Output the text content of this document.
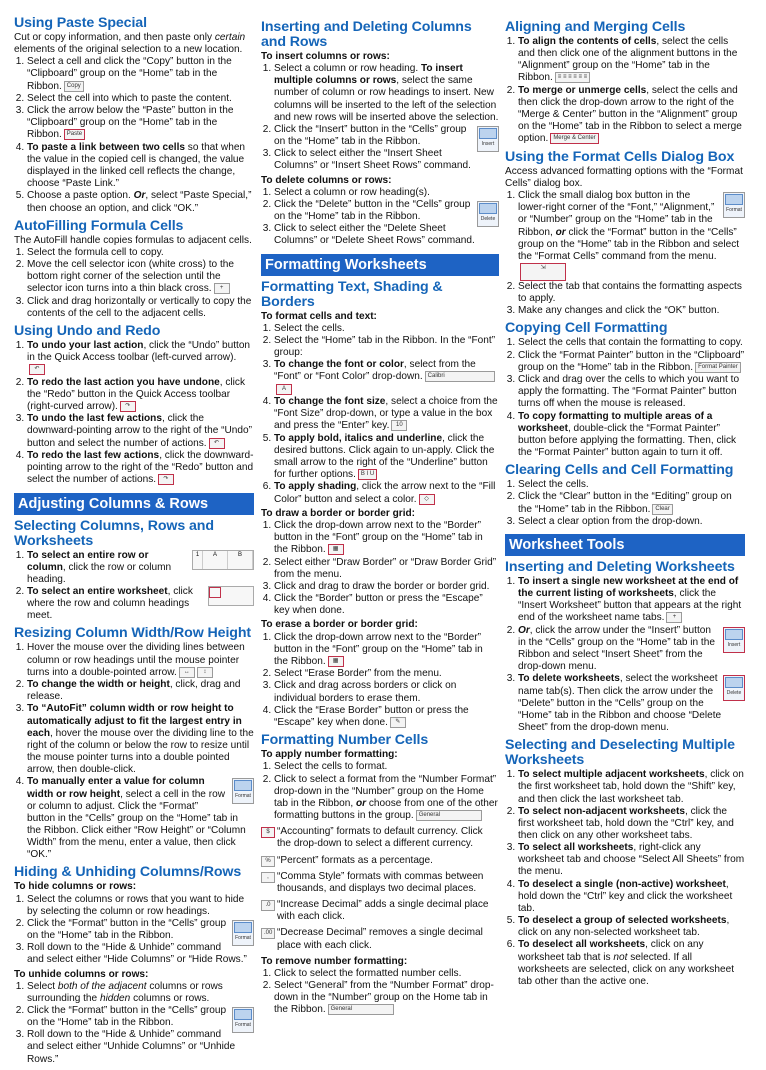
Using Paste Special

Cut or copy information, and then paste only certain elements of the original selection to a new location.

1. Select a cell and click the “Copy” button in the “Clipboard” group on the “Home” tab in the Ribbon. Copy
2. Select the cell into which to paste the content.
3. Click the arrow below the “Paste” button in the “Clipboard” group on the “Home” tab in the Ribbon. Paste
4. To paste a link between two cells so that when the value in the copied cell is changed, the value displayed in the linked cell reflects the change, choose “Paste Link.”
5. Choose a paste option. Or, select “Paste Special,” then choose an option, and click “OK.”
AutoFilling Formula Cells

The AutoFill handle copies formulas to adjacent cells.

1. Select the formula cell to copy.
2. Move the cell selector icon (white cross) to the bottom right corner of the selection until the selector icon turns into a thin black cross. +
3. Click and drag horizontally or vertically to copy the contents of the cell to the adjacent cells.
Using Undo and Redo
1. To undo your last action, click the “Undo” button in the Quick Access toolbar (left-curved arrow).↶
2. To redo the last action you have undone, click the “Redo” button in the Quick Access toolbar (right-curved arrow). ↷
3. To undo the last few actions, click the downward-pointing arrow to the right of the “Undo” button and select the number of actions. ↶
4. To redo the last few actions, click the downward-pointing arrow to the right of the “Redo” button and select the number of actions. ↷
Adjusting Columns & Rows
Selecting Columns, Rows and Worksheets
1. 1	A	B
To select an entire row or column, click the row or column heading.
2. To select an entire worksheet, click where the row and column headings meet.
Resizing Column Width/Row Height
1. Hover the mouse over the dividing lines between column or row headings until the mouse pointer turns into a double-pointed arrow. ↔ ↕
2. To change the width or height, click, drag and release.
3. To “AutoFit” column width or row height to automatically adjust to fit the largest entry in each, hover the mouse over the dividing line to the right of the column or below the row to resize until the mouse pointer turns into a double pointed arrow, then double-click.
4. Format
To manually enter a value for column width or row height, select a cell in the row or column to adjust. Click the “Format” button in the “Cells” group on the “Home” tab in the Ribbon. Click either “Row Height” or “Column Width” from the menu, enter a value, then click “OK.”
Hiding & Unhiding Columns/Rows
To hide columns or rows:
1. Select the columns or rows that you want to hide by selecting the column or row headings.
2. Format
Click the “Format” button in the “Cells” group on the “Home” tab in the Ribbon.
3. Roll down to the “Hide & Unhide” command and select either “Hide Columns” or “Hide Rows.”
To unhide columns or rows:
1. Select both of the adjacent columns or rows surrounding the hidden columns or rows.
2. Format
Click the “Format” button in the “Cells” group on the “Home” tab in the Ribbon.
3. Roll down to the “Hide & Unhide” command and select either “Unhide Columns” or “Unhide Rows.”
Inserting and Deleting Columns and Rows
To insert columns or rows:
1. Select a column or row heading. To insert multiple columns or rows, select the same number of column or row headings to insert. New columns will be inserted to the left of the selection and new rows will be inserted above the selection.
2. Insert
Click the “Insert” button in the “Cells” group on the “Home” tab in the Ribbon.
3. Click to select either the “Insert Sheet Columns” or “Insert Sheet Rows” command.
To delete columns or rows:
1. Select a column or row heading(s).
2. Delete
Click the “Delete” button in the “Cells” group on the “Home” tab in the Ribbon.
3. Click to select either the “Delete Sheet Columns” or “Delete Sheet Rows” command.
Formatting Worksheets
Formatting Text, Shading & Borders
To format cells and text:
1. Select the cells.
2. Select the “Home” tab in the Ribbon. In the “Font” group:
3. To change the font or color, select from the “Font” or “Font Color” drop-down. CalibriA
4. To change the font size, select a choice from the “Font Size” drop-down, or type a value in the box and press the “Enter” key. 10
5. To apply bold, italics and underline, click the desired buttons. Click again to un-apply. Click the small arrow to the right of the “Underline” button for further options. B I U
6. To apply shading, click the arrow next to the “Fill Color” button and select a color. ◇
To draw a border or border grid:
1. Click the drop-down arrow next to the “Border” button in the “Font” group on the “Home” tab in the Ribbon. ▦
2. Select either “Draw Border” or “Draw Border Grid” from the menu.
3. Click and drag to draw the border or border grid.
4. Click the “Border” button or press the “Escape” key when done.
To erase a border or border grid:
1. Click the drop-down arrow next to the “Border” button in the “Font” group on the “Home” tab in the Ribbon. ▦
2. Select “Erase Border” from the menu.
3. Click and drag across borders or click on individual borders to erase them.
4. Click the “Erase Border” button or press the “Escape” key when done. ✎
Formatting Number Cells
To apply number formatting:
1. Select the cells to format.
2. Click to select a format from the “Number Format” drop-down in the “Number” group on the Home tab in the Ribbon, or choose from one of the other formatting buttons in the group. General
$ “Accounting” formats to default currency. Click the drop-down to select a different currency.
% “Percent” formats as a percentage.
, “Comma Style” formats with commas between thousands, and displays two decimal places.
.0 “Increase Decimal” adds a single decimal place with each click.
.00 “Decrease Decimal” removes a single decimal place with each click.
To remove number formatting:
1. Click to select the formatted number cells.
2. Select “General” from the “Number Format” drop-down in the “Number” group on the Home tab in the Ribbon. General
Aligning and Merging Cells
1. To align the contents of cells, select the cells and then click one of the alignment buttons in the “Alignment” group on the “Home” tab in the Ribbon. ≡ ≡ ≡ ≡ ≡ ≡
2. To merge or unmerge cells, select the cells and then click the drop-down arrow to the right of the “Merge & Center” button in the “Alignment” group on the “Home” tab in the Ribbon to select a merge option. Merge & Center
Using the Format Cells Dialog Box

Access advanced formatting options with the “Format Cells” dialog box.

1. Format
Click the small dialog box button in the lower-right corner of the “Font,” “Alignment,” or “Number” group on the “Home” tab in the Ribbon, or click the “Format” button in the “Cells” group on the “Home” tab in the Ribbon and select the “Format Cells” command from the menu.⇲
2. Select the tab that contains the formatting aspects to apply.
3. Make any changes and click the “OK” button.
Copying Cell Formatting
1. Select the cells that contain the formatting to copy.
2. Click the “Format Painter” button in the “Clipboard” group on the “Home” tab in the Ribbon. Format Painter
3. Click and drag over the cells to which you want to apply the formatting. The “Format Painter” button turns off when the mouse is released.
4. To copy formatting to multiple areas of a worksheet, double-click the “Format Painter” button before applying the formatting. Then, click the “Format Painter” button again to turn it off.
Clearing Cells and Cell Formatting
1. Select the cells.
2. Click the “Clear” button in the “Editing” group on the “Home” tab in the Ribbon. Clear
3. Select a clear option from the drop-down.
Worksheet Tools
Inserting and Deleting Worksheets
1. To insert a single new worksheet at the end of the current listing of worksheets, click the “Insert Worksheet” button that appears at the right end of the worksheet name tabs. +
2. Insert
Or, click the arrow under the “Insert” button in the “Cells” group on the “Home” tab in the Ribbon and select “Insert Sheet” from the drop-down menu.
3. Delete
To delete worksheets, select the worksheet name tab(s). Then click the arrow under the “Delete” button in the “Cells” group on the “Home” tab in the Ribbon and choose “Delete Sheet” from the drop-down menu.
Selecting and Deselecting Multiple Worksheets
1. To select multiple adjacent worksheets, click on the first worksheet tab, hold down the “Shift” key, and then click the last worksheet tab.
2. To select non-adjacent worksheets, click the first worksheet tab, hold down the “Ctrl” key, and then click on any other worksheet tabs.
3. To select all worksheets, right-click any worksheet tab and choose “Select All Sheets” from the menu.
4. To deselect a single (non-active) worksheet, hold down the “Ctrl” key and click the worksheet tab.
5. To deselect a group of selected worksheets, click on any non-selected worksheet tab.
6. To deselect all worksheets, click on any worksheet tab that is not selected. If all worksheets are selected, click on any worksheet tab other than the active one.
